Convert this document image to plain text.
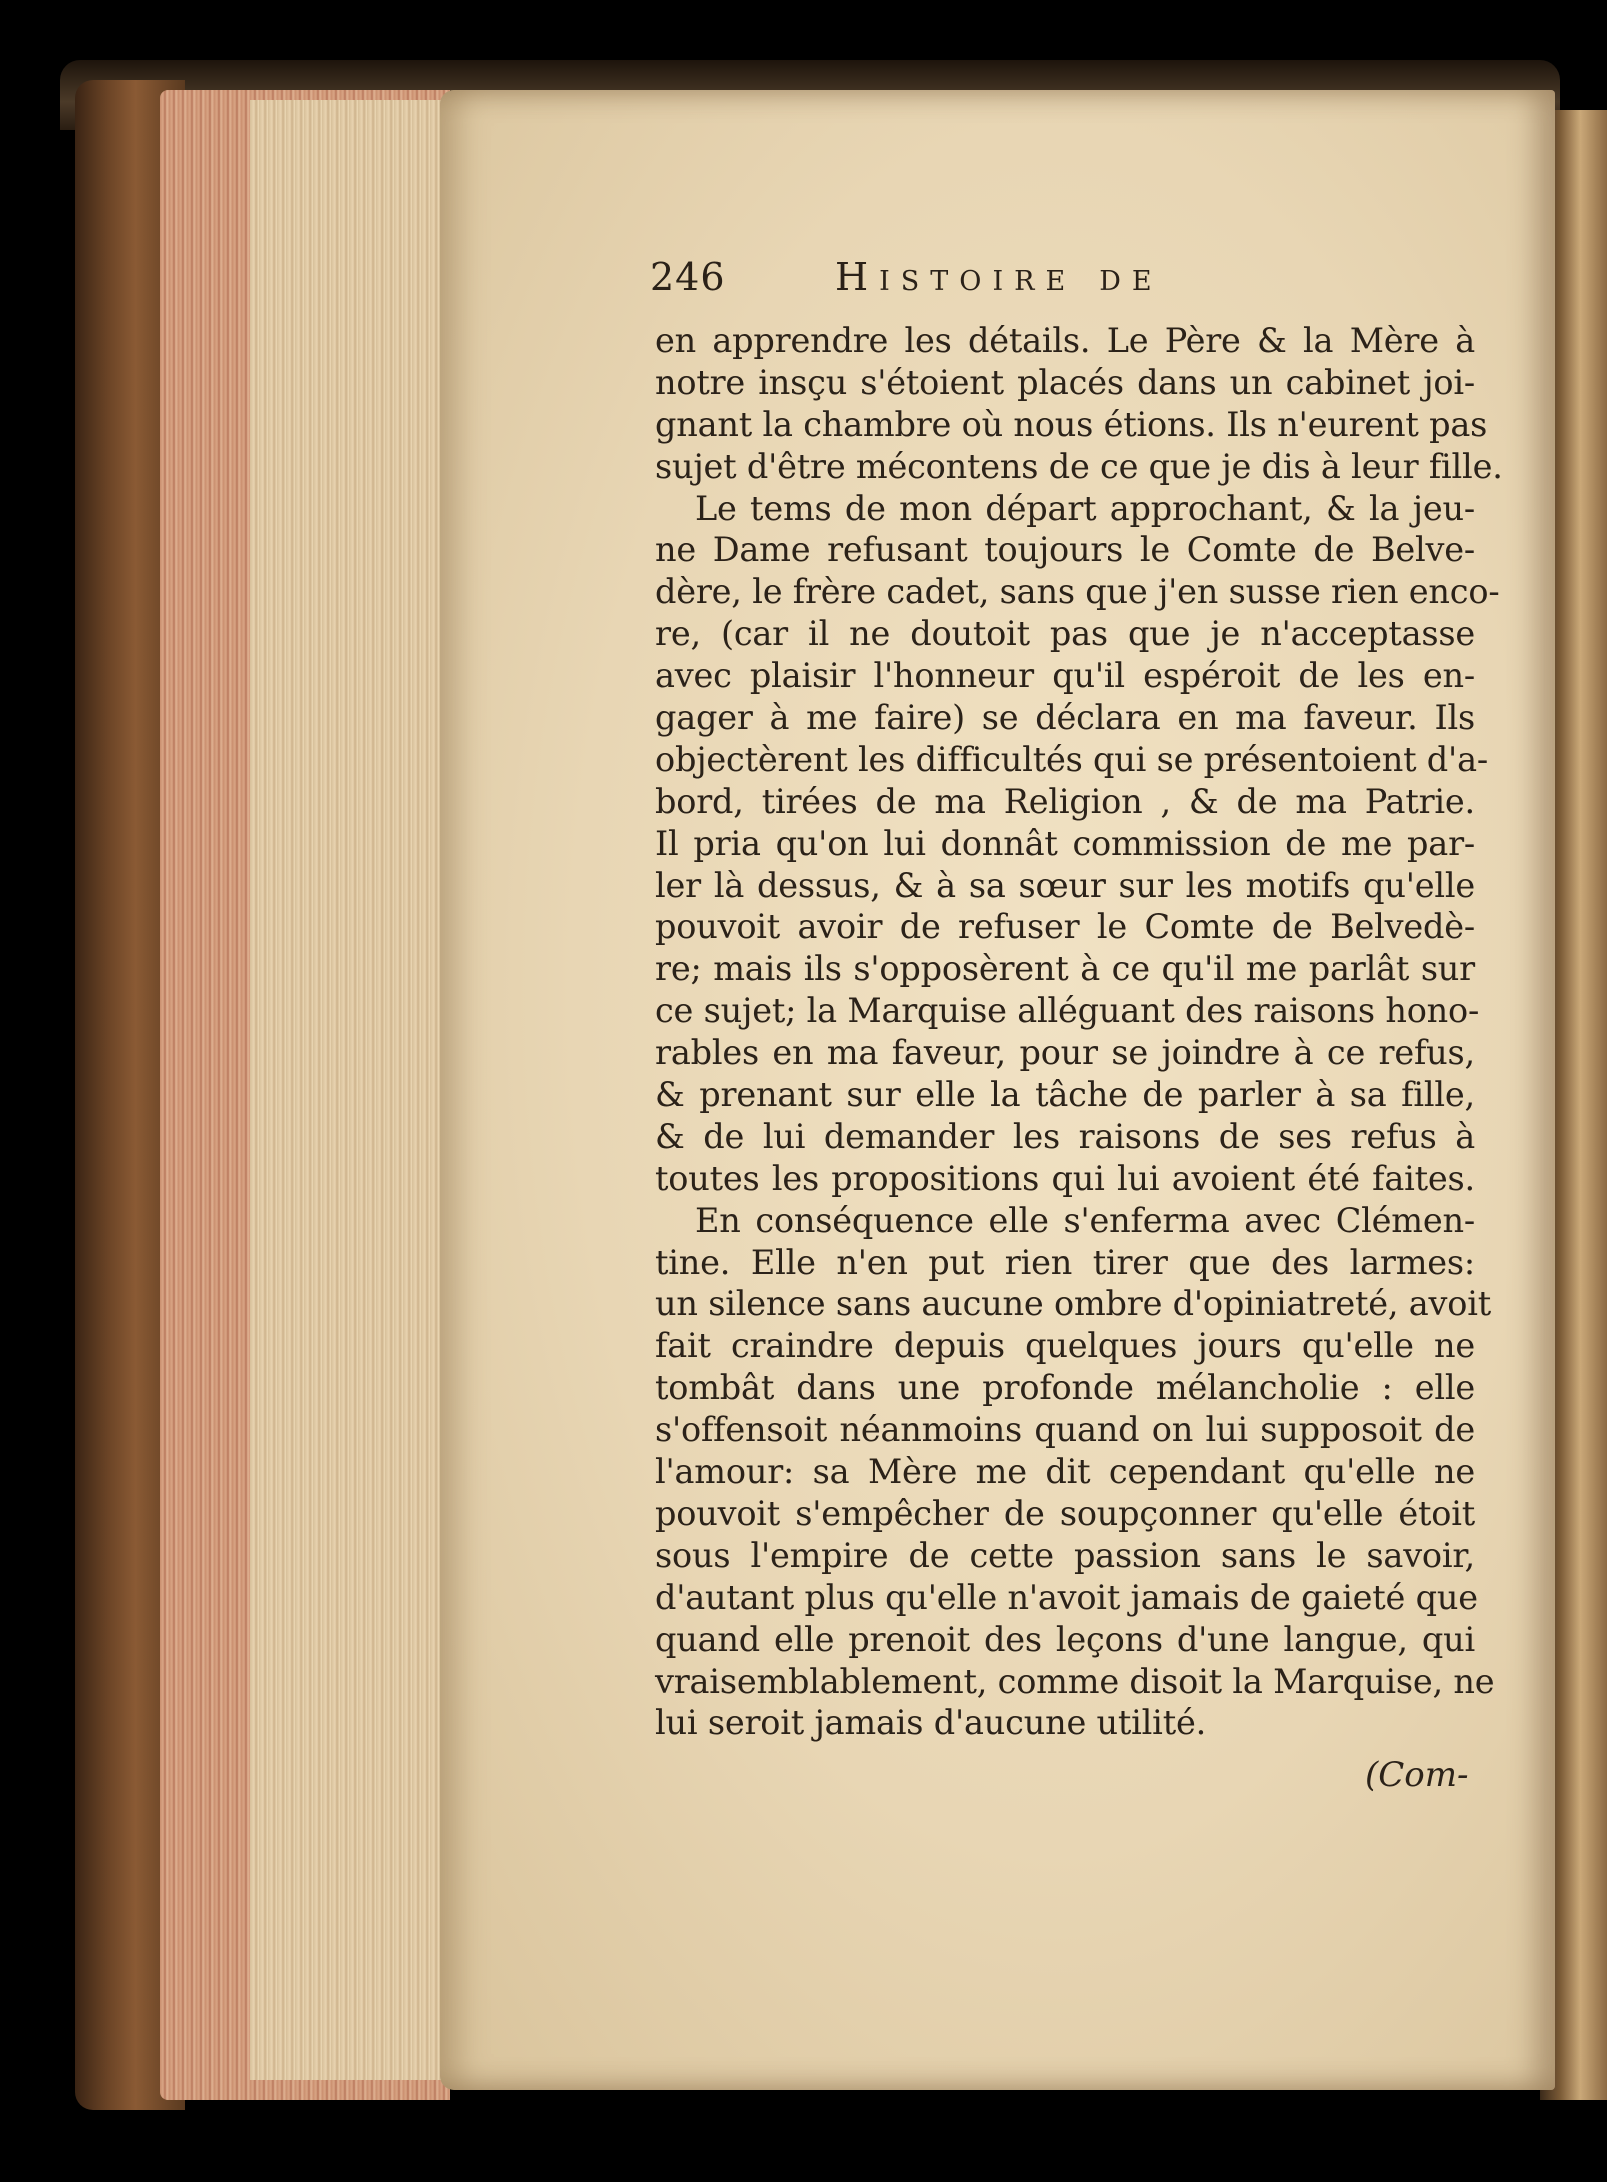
246	Histoire de
en apprendre les détails. Le Père & la Mère à
notre insçu s'étoient placés dans un cabinet joi-
gnant la chambre où nous étions. Ils n'eurent pas
sujet d'être mécontens de ce que je dis à leur fille.
Le tems de mon départ approchant, & la jeu-
ne Dame refusant toujours le Comte de Belve-
dère, le frère cadet, sans que j'en susse rien enco-
re, (car il ne doutoit pas que je n'acceptasse
avec plaisir l'honneur qu'il espéroit de les en-
gager à me faire) se déclara en ma faveur. Ils
objectèrent les difficultés qui se présentoient d'a-
bord, tirées de ma Religion , & de ma Patrie.
Il pria qu'on lui donnât commission de me par-
ler là dessus, & à sa sœur sur les motifs qu'elle
pouvoit avoir de refuser le Comte de Belvedè-
re; mais ils s'opposèrent à ce qu'il me parlât sur
ce sujet; la Marquise alléguant des raisons hono-
rables en ma faveur, pour se joindre à ce refus,
& prenant sur elle la tâche de parler à sa fille,
& de lui demander les raisons de ses refus à
toutes les propositions qui lui avoient été faites.
En conséquence elle s'enferma avec Clémen-
tine. Elle n'en put rien tirer que des larmes:
un silence sans aucune ombre d'opiniatreté, avoit
fait craindre depuis quelques jours qu'elle ne
tombât dans une profonde mélancholie : elle
s'offensoit néanmoins quand on lui supposoit de
l'amour: sa Mère me dit cependant qu'elle ne
pouvoit s'empêcher de soupçonner qu'elle étoit
sous l'empire de cette passion sans le savoir,
d'autant plus qu'elle n'avoit jamais de gaieté que
quand elle prenoit des leçons d'une langue, qui
vraisemblablement, comme disoit la Marquise, ne
lui seroit jamais d'aucune utilité.
(Com-
